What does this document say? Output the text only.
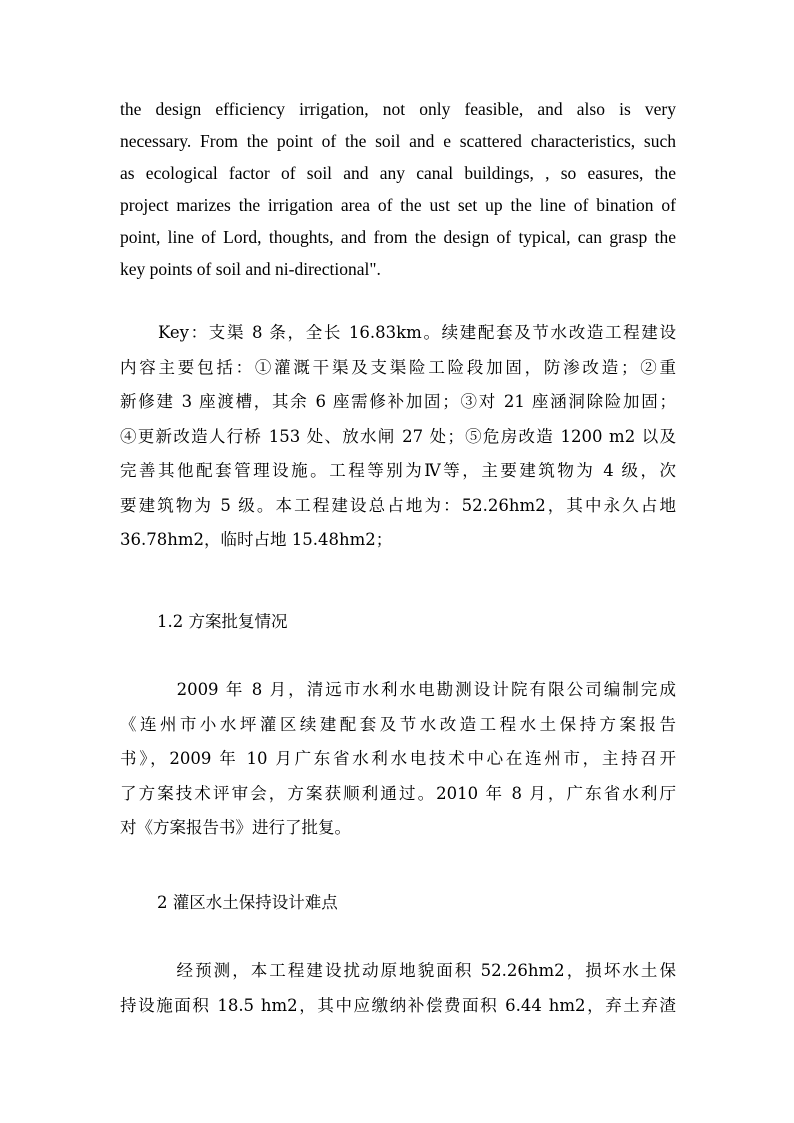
the design efficiency irrigation, not only feasible, and also is very
necessary. From the point of the soil and e scattered characteristics, such
as ecological factor of soil and any canal buildings, , so easures, the
project marizes the irrigation area of the ust set up the line of bination of
point, line of Lord, thoughts, and from the design of typical, can grasp the
key points of soil and ni-directional".
Key：支渠 8 条，全长 16.83km。续建配套及节水改造工程建设
内容主要包括：①灌溉干渠及支渠险工险段加固，防渗改造；②重
新修建 3 座渡槽，其余 6 座需修补加固；③对 21 座涵洞除险加固；
④更新改造人行桥 153 处、放水闸 27 处；⑤危房改造 1200 m2 以及
完善其他配套管理设施。工程等别为Ⅳ等，主要建筑物为 4 级，次
要建筑物为 5 级。本工程建设总占地为：52.26hm2，其中永久占地
36.78hm2，临时占地 15.48hm2；
1.2 方案批复情况
　2009 年 8 月，清远市水利水电勘测设计院有限公司编制完成
《连州市小水坪灌区续建配套及节水改造工程水土保持方案报告
书》，2009 年 10 月广东省水利水电技术中心在连州市，主持召开
了方案技术评审会，方案获顺利通过。2010 年 8 月，广东省水利厅
对《方案报告书》进行了批复。
2 灌区水土保持设计难点
　经预测，本工程建设扰动原地貌面积 52.26hm2，损坏水土保
持设施面积 18.5 hm2，其中应缴纳补偿费面积 6.44 hm2，弃土弃渣
